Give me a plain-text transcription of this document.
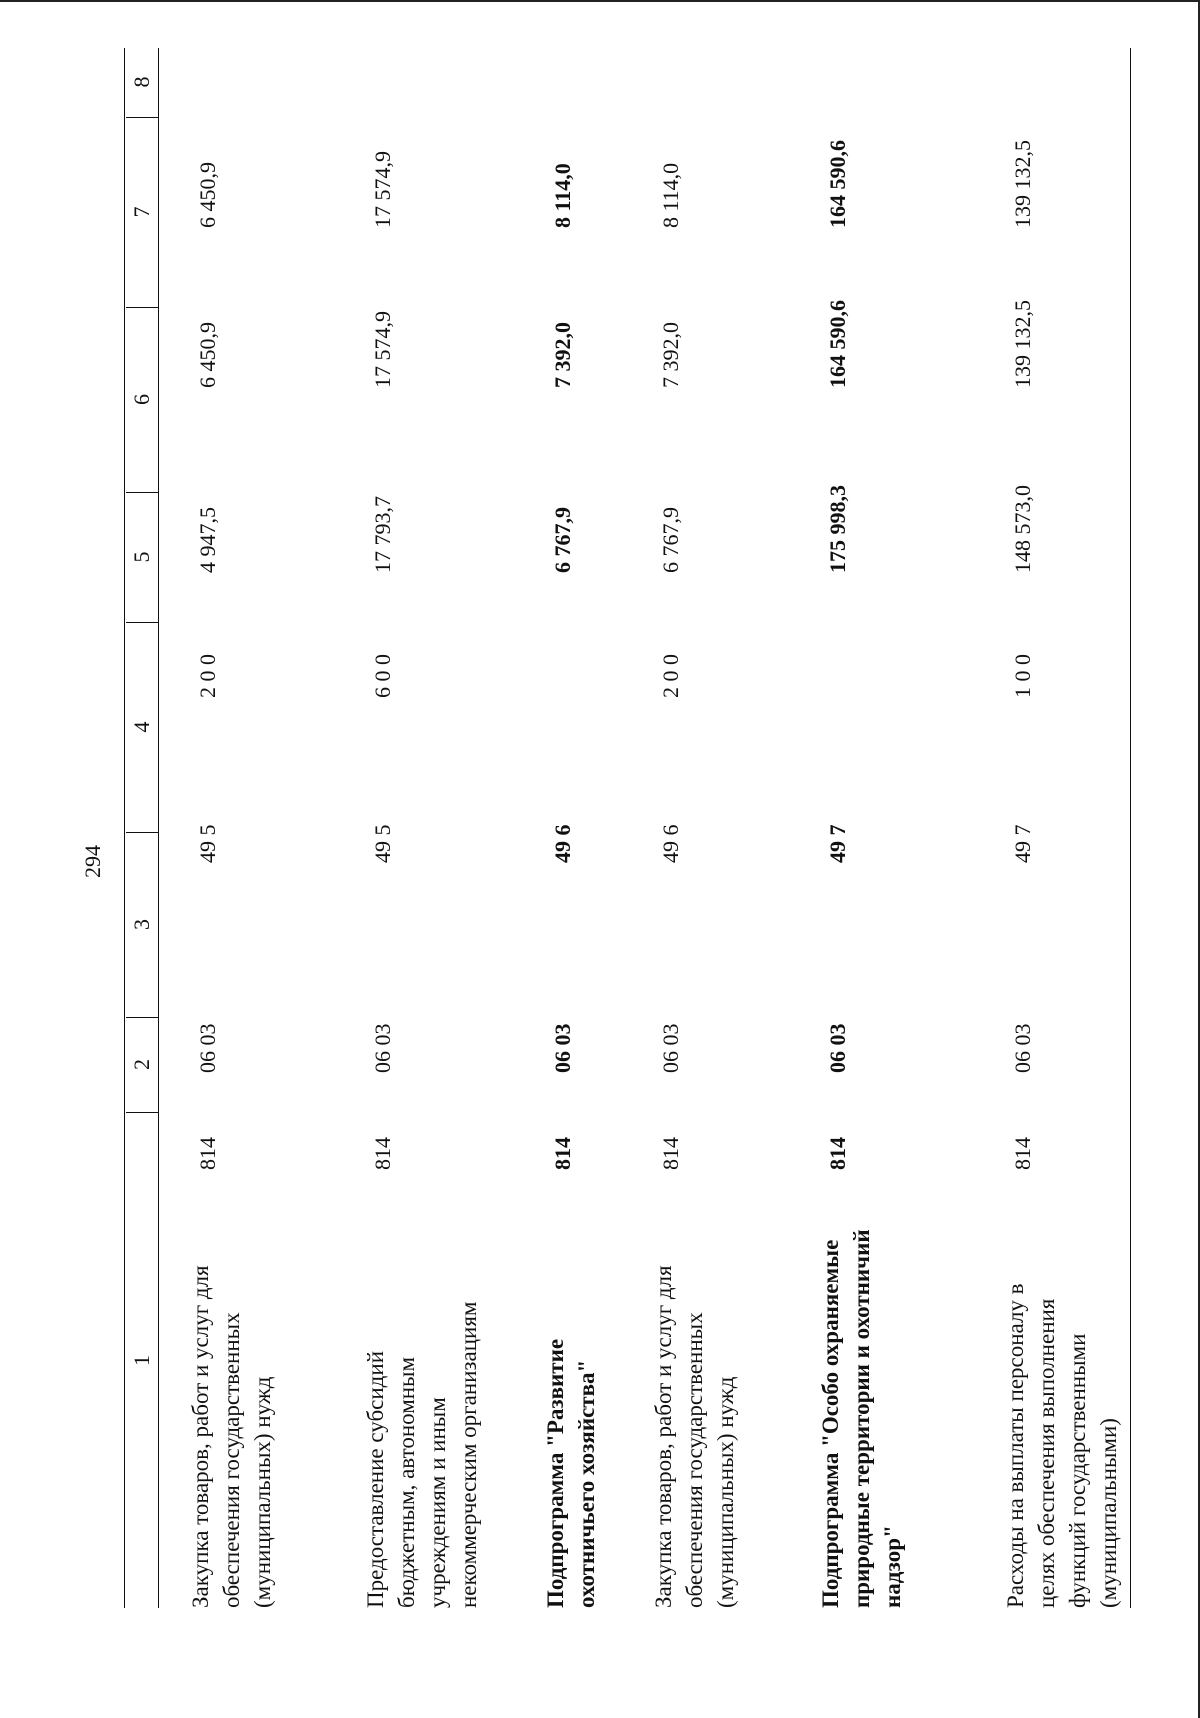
294
1
2
3
4
5
6
7
8
Закупка товаров, работ и услуг для обеспечения государственных (муниципальных) нужд
814
06 03
49 5
2 0 0
4 947,5
6 450,9
6 450,9
Предоставление субсидий бюджетным, автономным учреждениям и иным некоммерческим организациям
814
06 03
49 5
6 0 0
17 793,7
17 574,9
17 574,9
Подпрограмма "Развитие охотничьего хозяйства"
814
06 03
49 6
6 767,9
7 392,0
8 114,0
Закупка товаров, работ и услуг для обеспечения государственных (муниципальных) нужд
814
06 03
49 6
2 0 0
6 767,9
7 392,0
8 114,0
Подпрограмма "Особо охраняемые природные территории и охотничий надзор"
814
06 03
49 7
175 998,3
164 590,6
164 590,6
Расходы на выплаты персоналу в целях обеспечения выполнения функций государственными (муниципальными)
814
06 03
49 7
1 0 0
148 573,0
139 132,5
139 132,5
